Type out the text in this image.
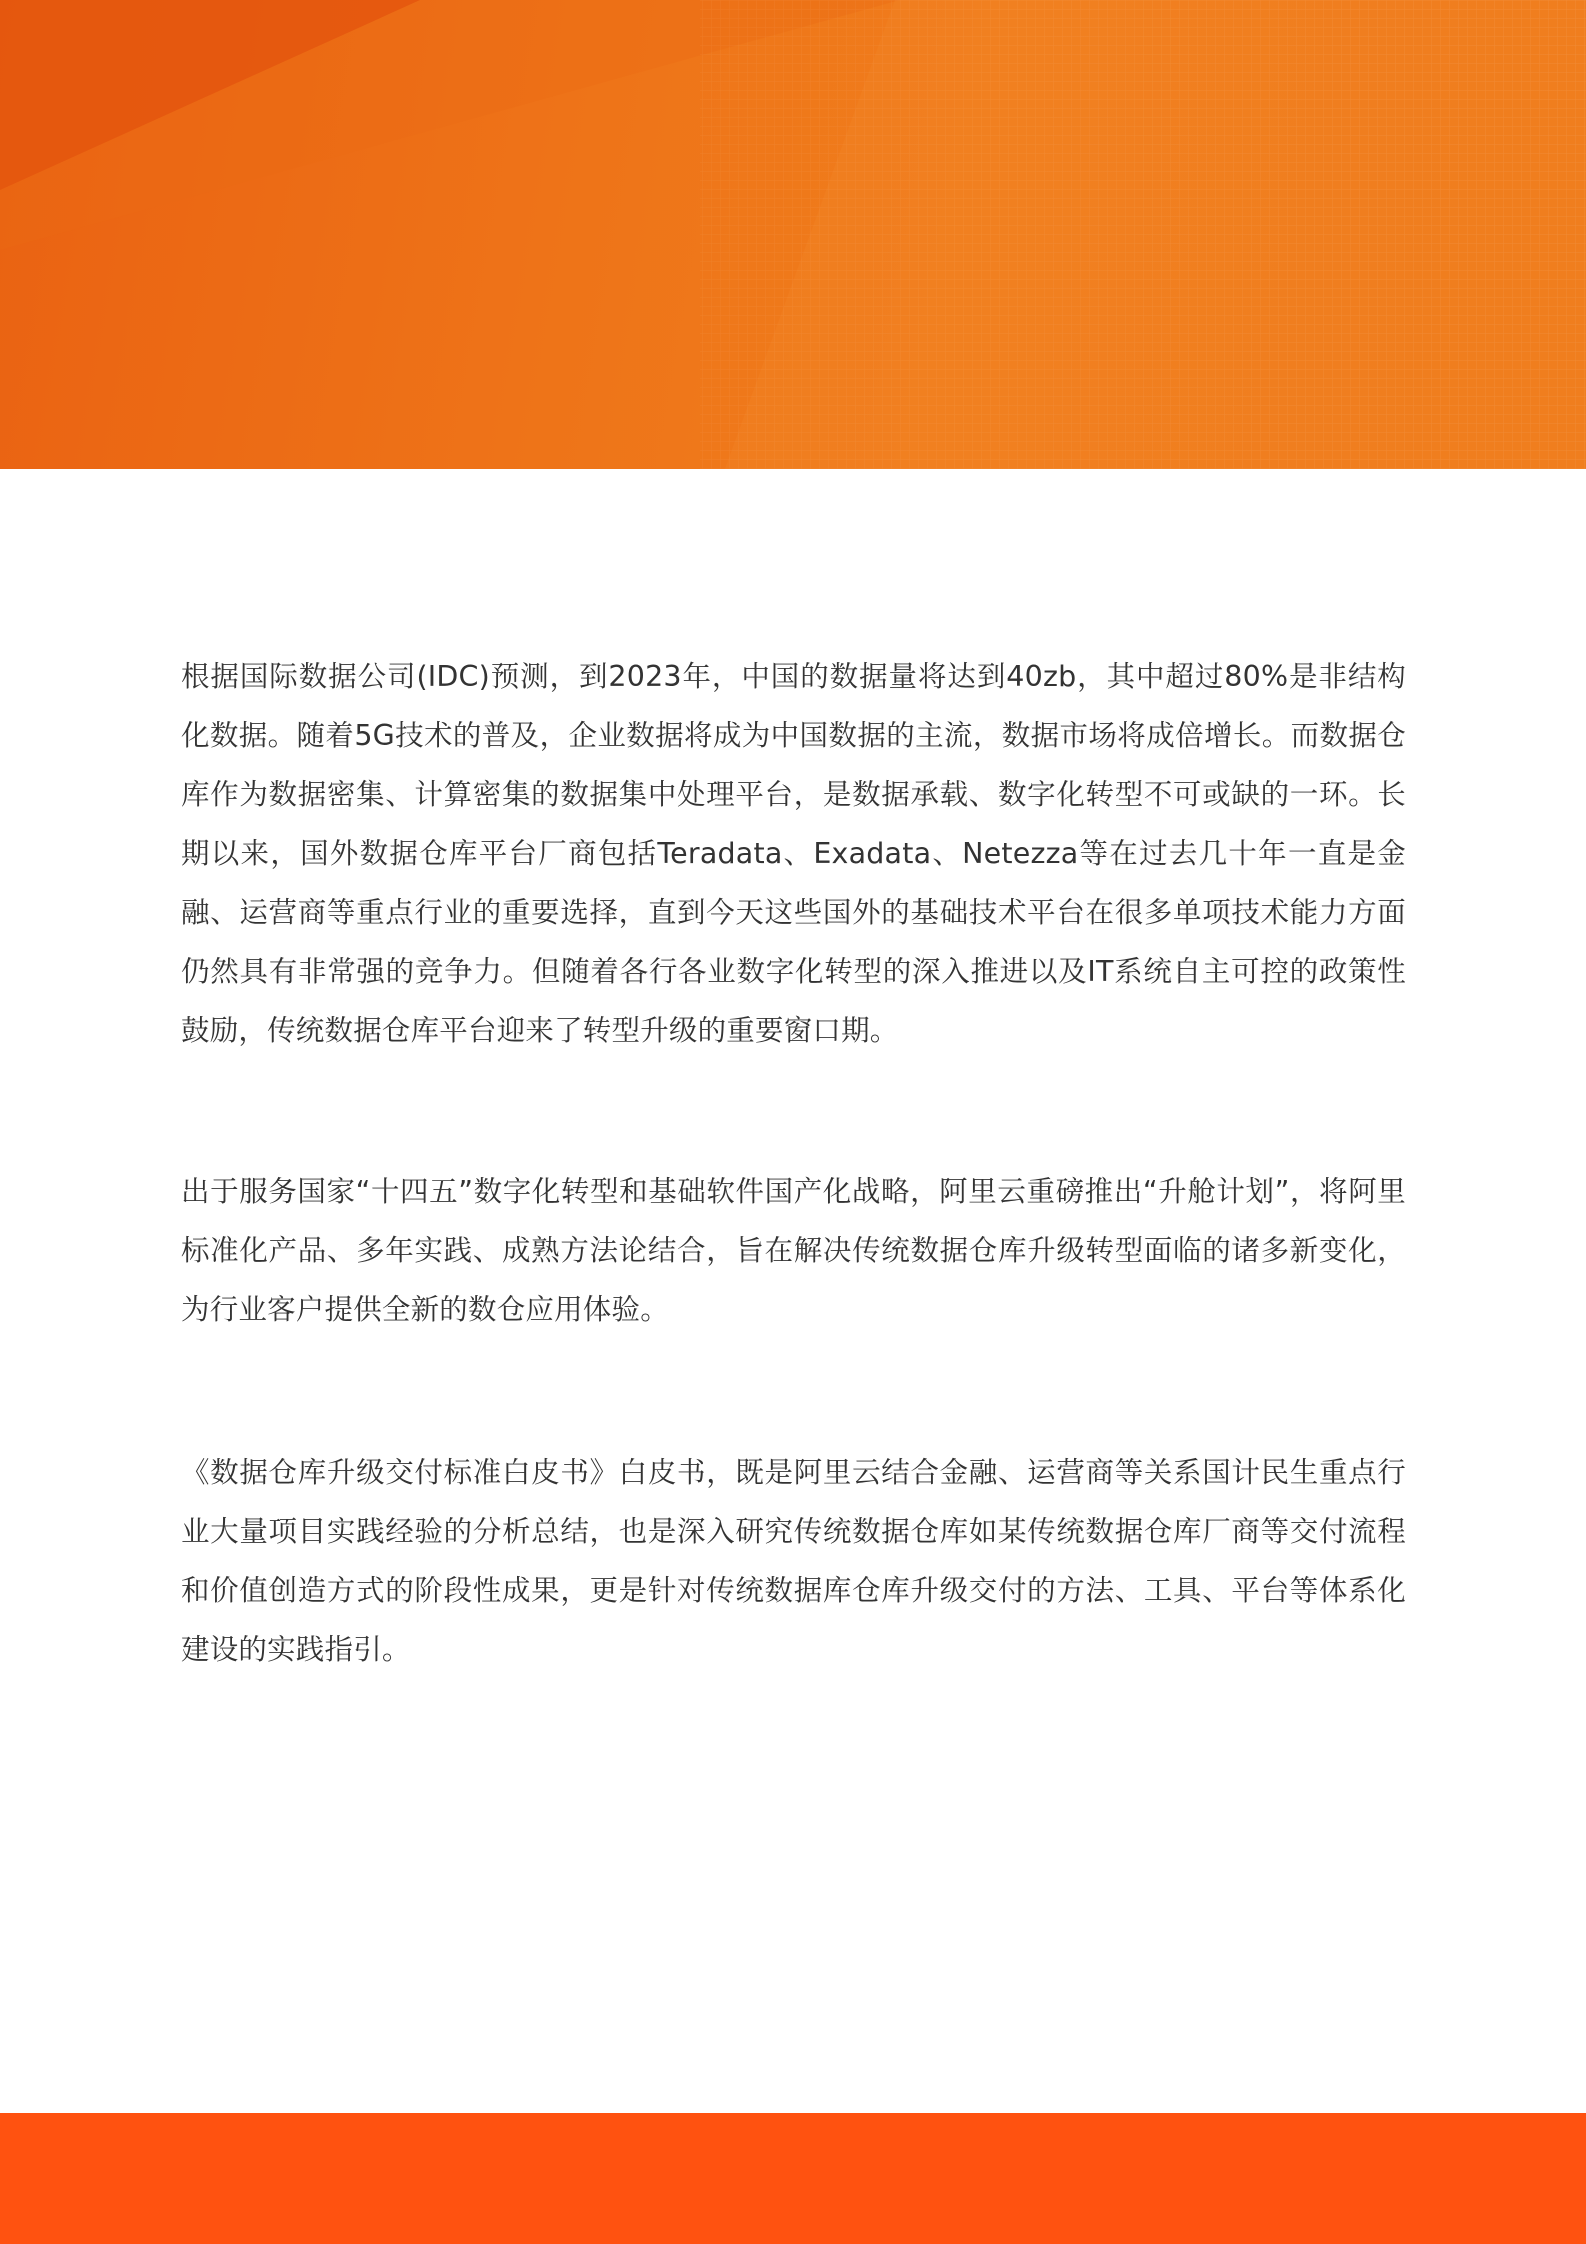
根据国际数据公司(IDC)预测，到2023年，中国的数据量将达到40zb，其中超过80%是非结构化数据。随着5G技术的普及，企业数据将成为中国数据的主流，数据市场将成倍增长。而数据仓库作为数据密集、计算密集的数据集中处理平台，是数据承载、数字化转型不可或缺的一环。长期以来，国外数据仓库平台厂商包括Teradata、Exadata、Netezza等在过去几十年一直是金融、运营商等重点行业的重要选择，直到今天这些国外的基础技术平台在很多单项技术能力方面仍然具有非常强的竞争力。但随着各行各业数字化转型的深入推进以及IT系统自主可控的政策性鼓励，传统数据仓库平台迎来了转型升级的重要窗口期。

出于服务国家“十四五”数字化转型和基础软件国产化战略，阿里云重磅推出“升舱计划”，将阿里标准化产品、多年实践、成熟方法论结合，旨在解决传统数据仓库升级转型面临的诸多新变化，为行业客户提供全新的数仓应用体验。

《数据仓库升级交付标准白皮书》白皮书，既是阿里云结合金融、运营商等关系国计民生重点行业大量项目实践经验的分析总结，也是深入研究传统数据仓库如某传统数据仓库厂商等交付流程和价值创造方式的阶段性成果，更是针对传统数据库仓库升级交付的方法、工具、平台等体系化建设的实践指引。
